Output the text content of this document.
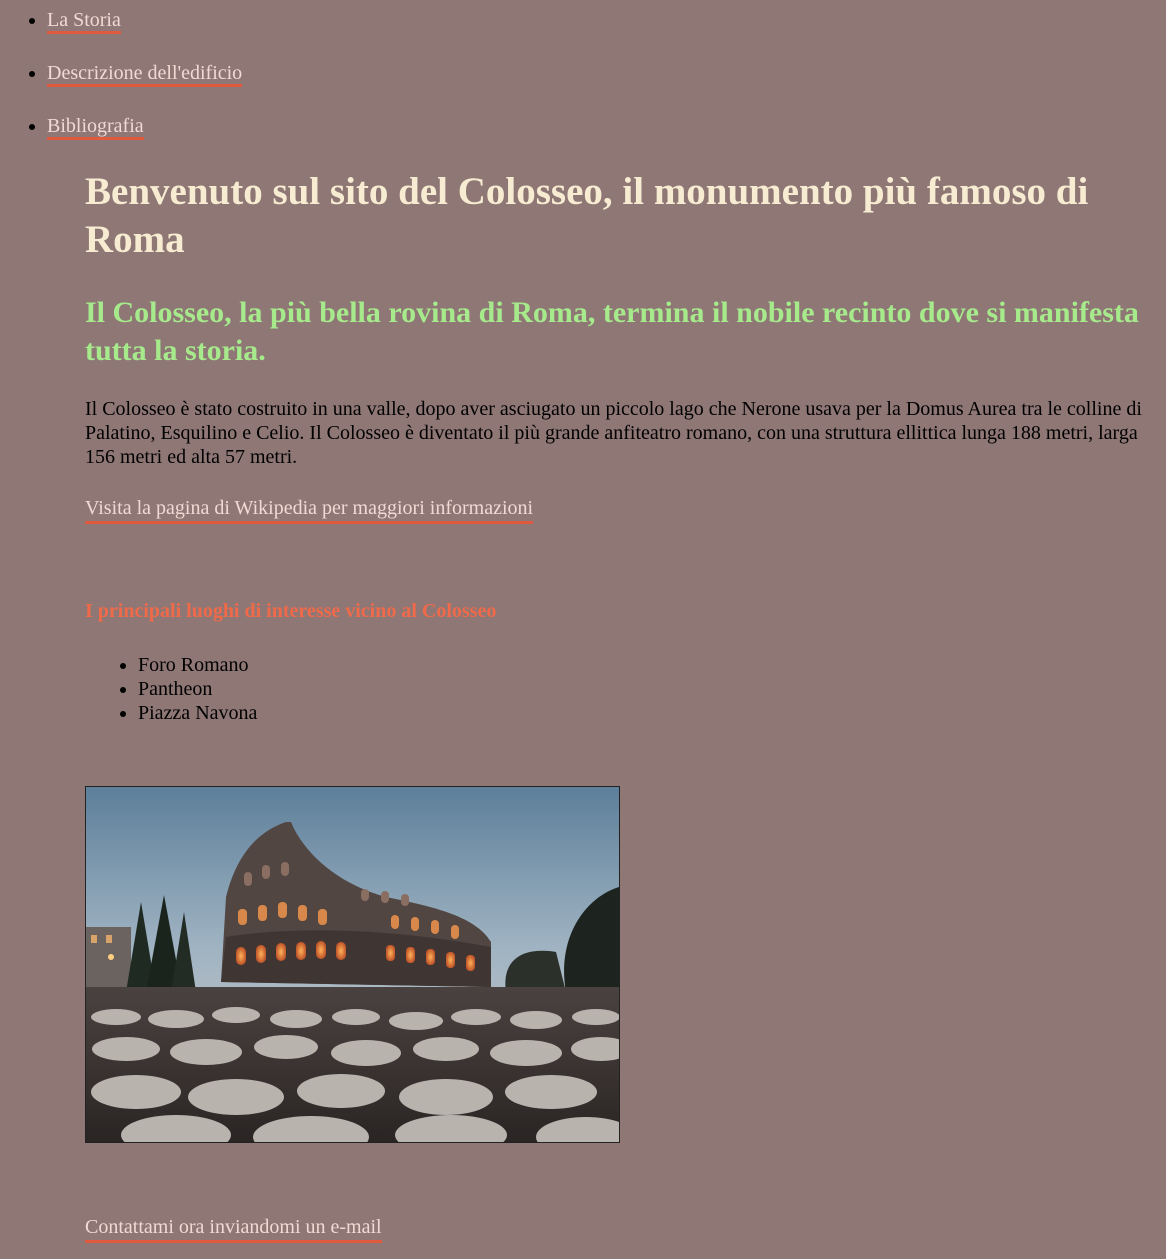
• La Storia
• Descrizione dell'edificio
• Bibliografia
Benvenuto sul sito del Colosseo, il monumento più famoso di Roma
Il Colosseo, la più bella rovina di Roma, termina il nobile recinto dove si manifesta tutta la storia.

Il Colosseo è stato costruito in una valle, dopo aver asciugato un piccolo lago che Nerone usava per la Domus Aurea tra le colline di Palatino, Esquilino e Celio. Il Colosseo è diventato il più grande anfiteatro romano, con una struttura ellittica lunga 188 metri, larga 156 metri ed alta 57 metri.

Visita la pagina di Wikipedia per maggiori informazioni

I principali luoghi di interesse vicino al Colosseo

• Foro Romano
• Pantheon
• Piazza Navona
Contattami ora inviandomi un e-mail
